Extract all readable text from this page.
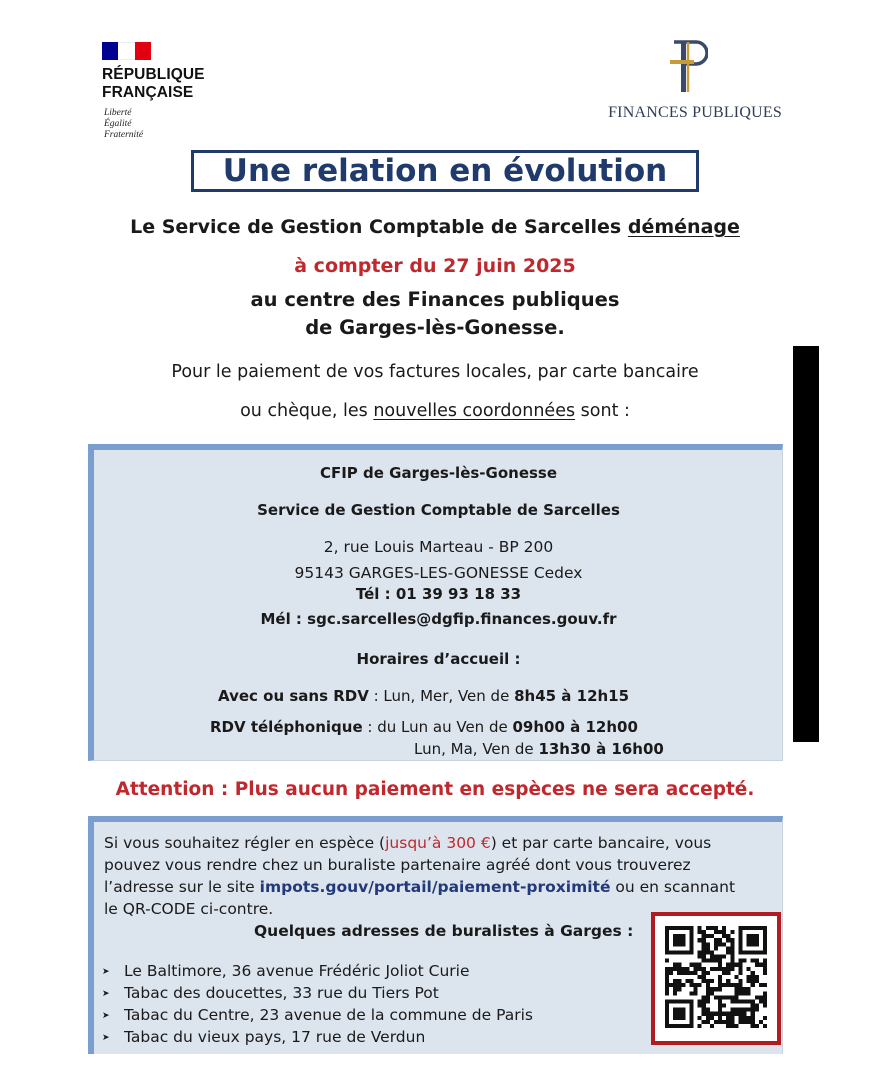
RÉPUBLIQUE
FRANÇAISE
Liberté
Égalité
Fraternité
FINANCES PUBLIQUES
Une relation en évolution
Le Service de Gestion Comptable de Sarcelles déménage
à compter du 27 juin 2025
au centre des Finances publiques
de Garges-lès-Gonesse.
Pour le paiement de vos factures locales, par carte bancaire
ou chèque, les nouvelles coordonnées sont :
CFIP de Garges-lès-Gonesse
Service de Gestion Comptable de Sarcelles
2, rue Louis Marteau - BP 200
95143 GARGES-LES-GONESSE Cedex
Tél : 01 39 93 18 33
Mél : sgc.sarcelles@dgfip.finances.gouv.fr
Horaires d’accueil :
Avec ou sans RDV : Lun, Mer, Ven de 8h45 à 12h15
RDV téléphonique : du Lun au Ven de 09h00 à 12h00
Lun, Ma, Ven de 13h30 à 16h00
Attention : Plus aucun paiement en espèces ne sera accepté.
Si vous souhaitez régler en espèce (jusqu’à 300 €) et par carte bancaire, vous
pouvez vous rendre chez un buraliste partenaire agréé dont vous trouverez
l’adresse sur le site impots.gouv/portail/paiement-proximité ou en scannant
le QR-CODE ci-contre.
Quelques adresses de buralistes à Garges :
➤ Le Baltimore, 36 avenue Frédéric Joliot Curie
➤ Tabac des doucettes, 33 rue du Tiers Pot
➤ Tabac du Centre, 23 avenue de la commune de Paris
➤ Tabac du vieux pays, 17 rue de Verdun
